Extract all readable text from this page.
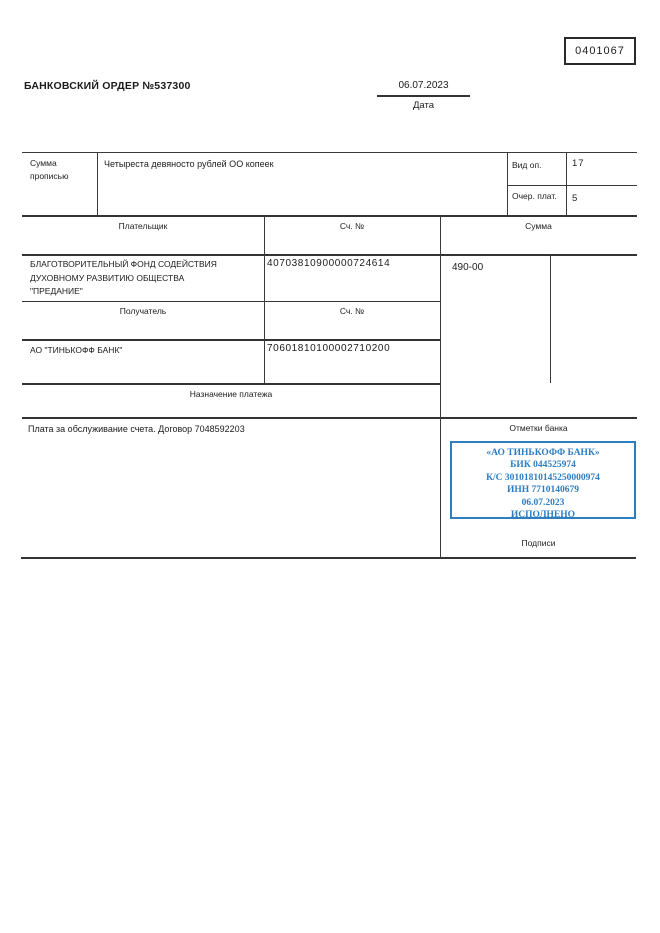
0401067
БАНКОВСКИЙ ОРДЕР №537300	06.07.2023
Дата
Сумма прописью
Четыреста девяносто рублей ОО копеек	Вид оп.	17
Очер. плат. 5
Плательщик	Сч. №	Сумма
БЛАГОТВОРИТЕЛЬНЫЙ ФОНД СОДЕЙСТВИЯ
ДУХОВНОМУ РАЗВИТИЮ ОБЩЕСТВА
"ПРЕДАНИЕ"
40703810900000724614	490-00
Получатель	Сч. №
АО "ТИНЬКОФФ БАНК"	70601810100002710200
Назначение платежа
Плата за обслуживание счета. Договор 7048592203	Отметки банка
«АО ТИНЬКОФФ БАНК»
БИК 044525974
К/С 30101810145250000974
ИНН 7710140679
06.07.2023
ИСПОЛНЕНО
Подписи
